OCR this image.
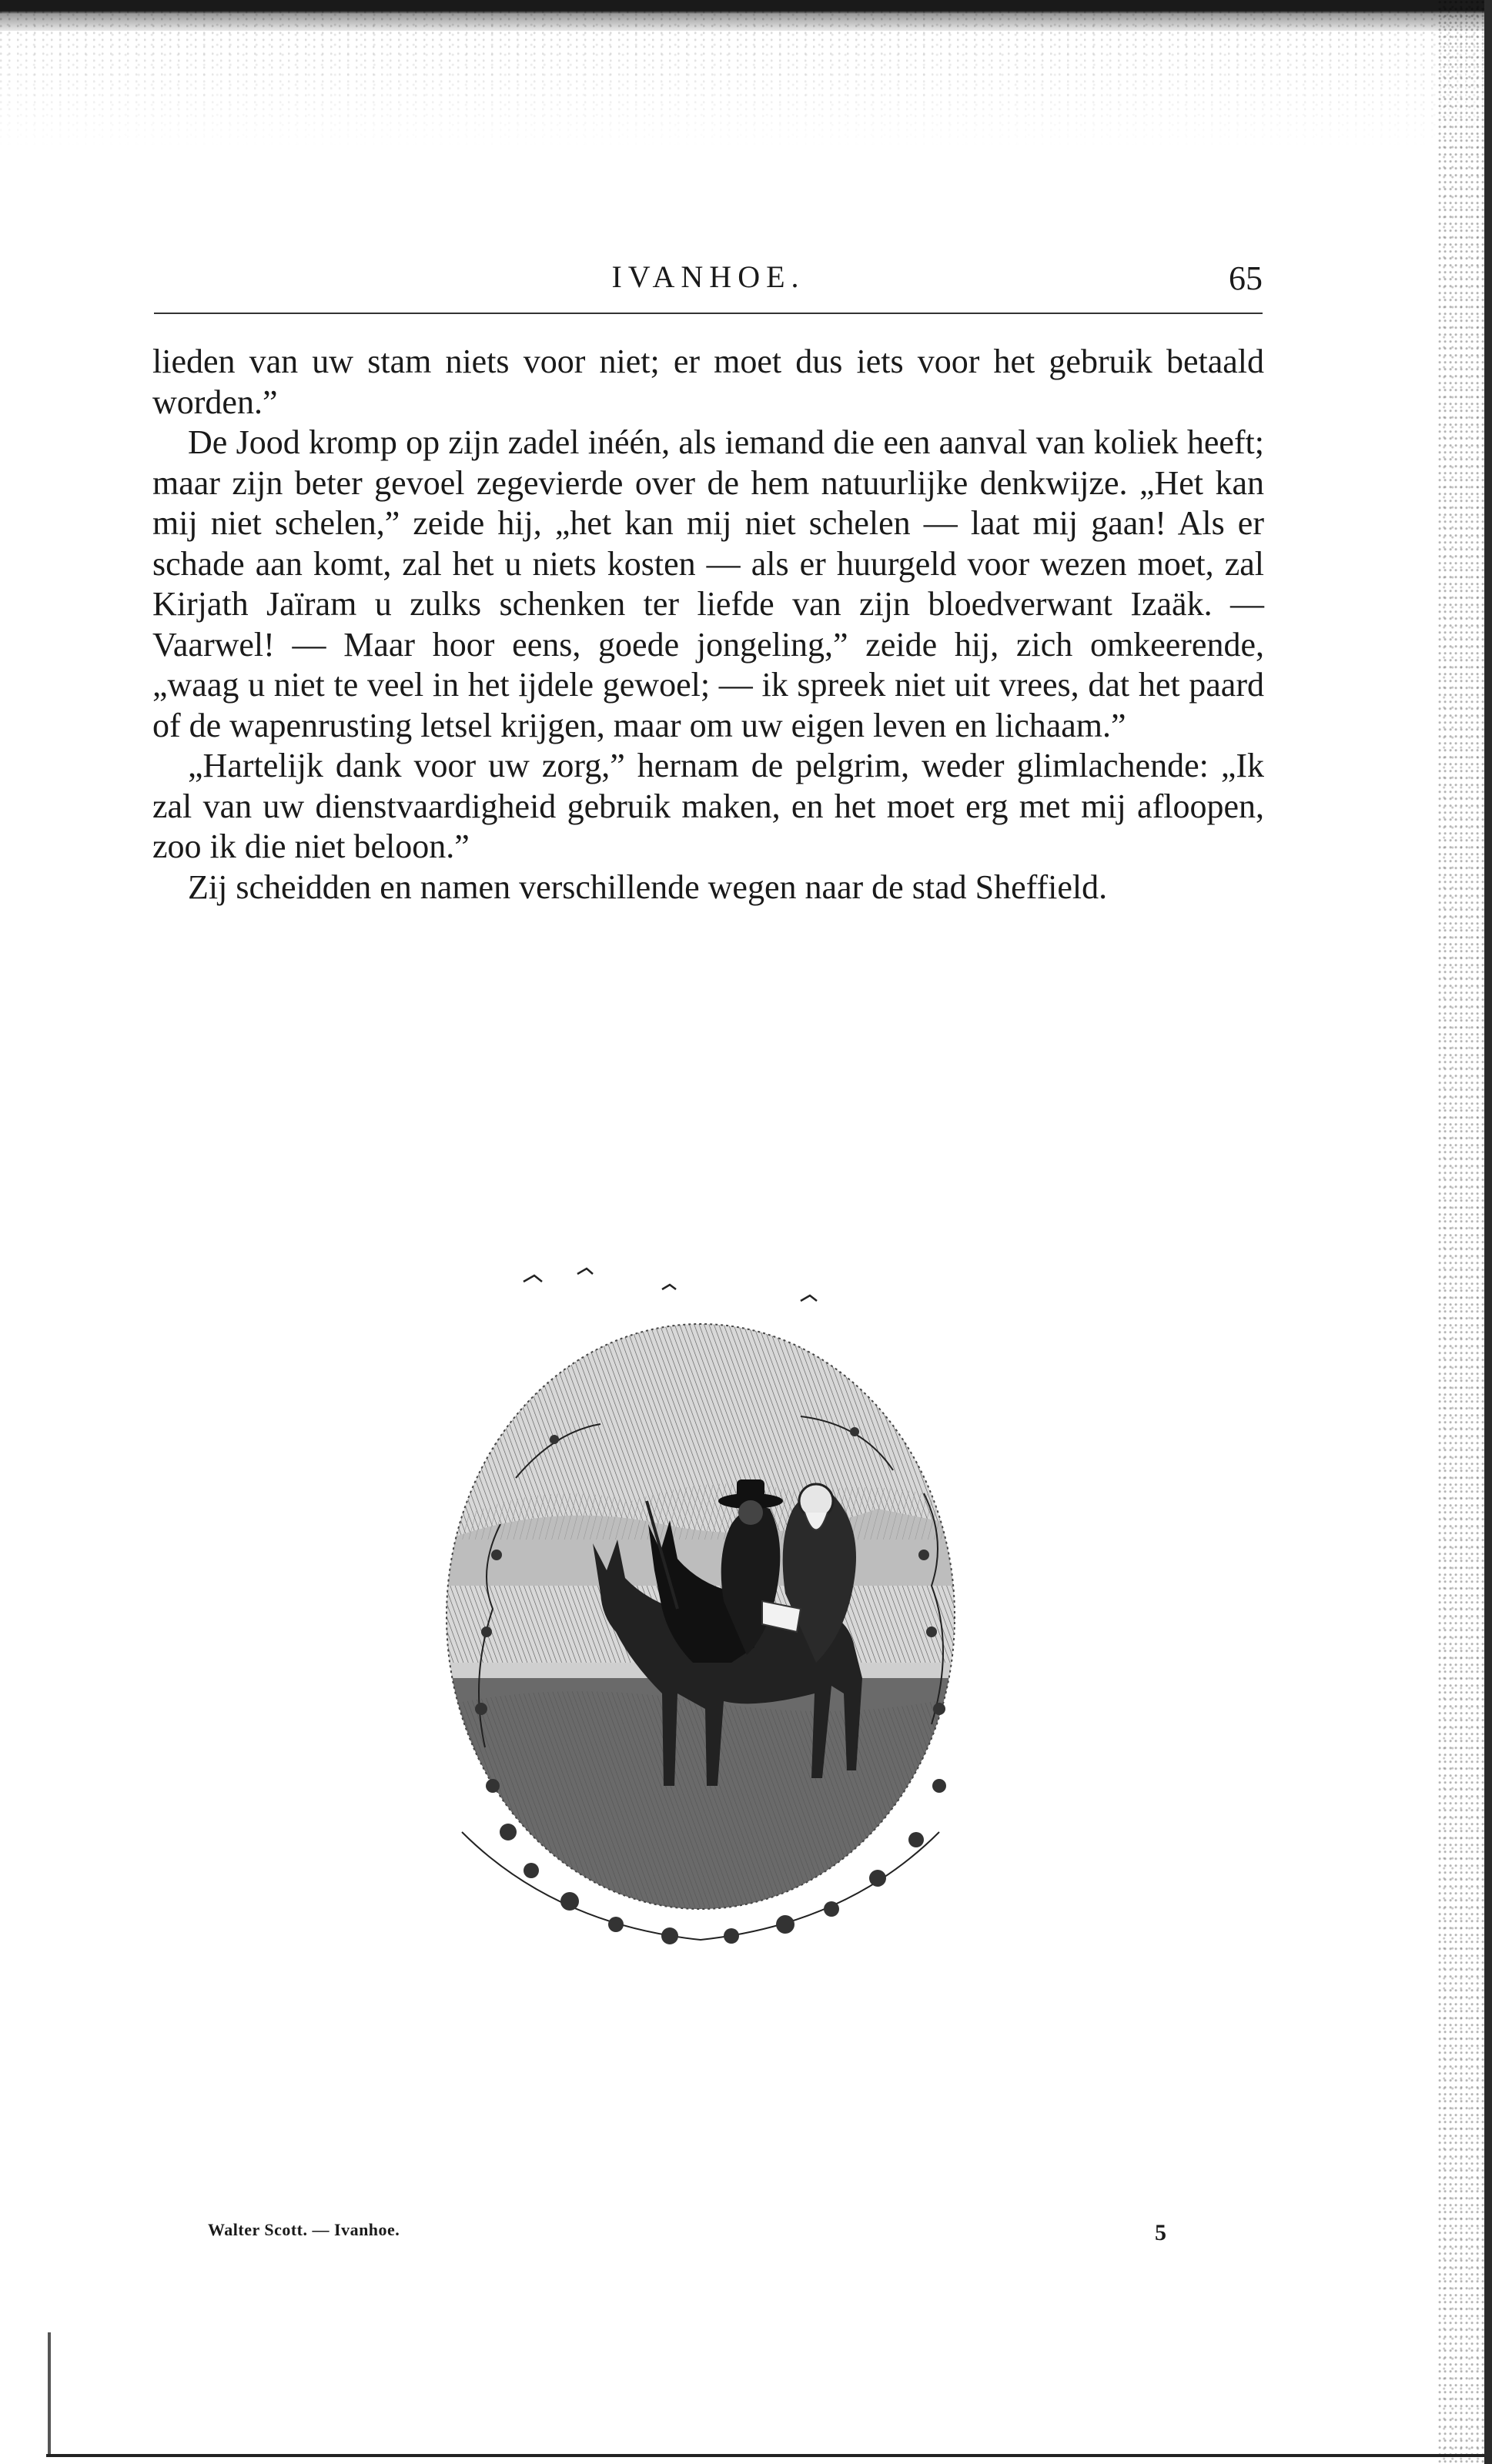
IVANHOE.	65

lieden van uw stam niets voor niet; er moet dus iets voor het gebruik betaald worden.”

De Jood kromp op zijn zadel inéén, als iemand die een aanval van koliek heeft; maar zijn beter gevoel zegevierde over de hem natuurlijke denkwijze. „Het kan mij niet schelen,” zeide hij, „het kan mij niet schelen — laat mij gaan! Als er schade aan komt, zal het u niets kosten — als er huurgeld voor wezen moet, zal Kirjath Jaïram u zulks schenken ter liefde van zijn bloedverwant Izaäk. — Vaarwel! — Maar hoor eens, goede jongeling,” zeide hij, zich omkeerende, „waag u niet te veel in het ijdele gewoel; — ik spreek niet uit vrees, dat het paard of de wapenrusting letsel krijgen, maar om uw eigen leven en lichaam.”

„Hartelijk dank voor uw zorg,” hernam de pelgrim, weder glimlachende: „Ik zal van uw dienstvaardigheid gebruik maken, en het moet erg met mij afloopen, zoo ik die niet beloon.”

Zij scheidden en namen verschillende wegen naar de stad Sheffield.

Walter Scott. — Ivanhoe.	5
